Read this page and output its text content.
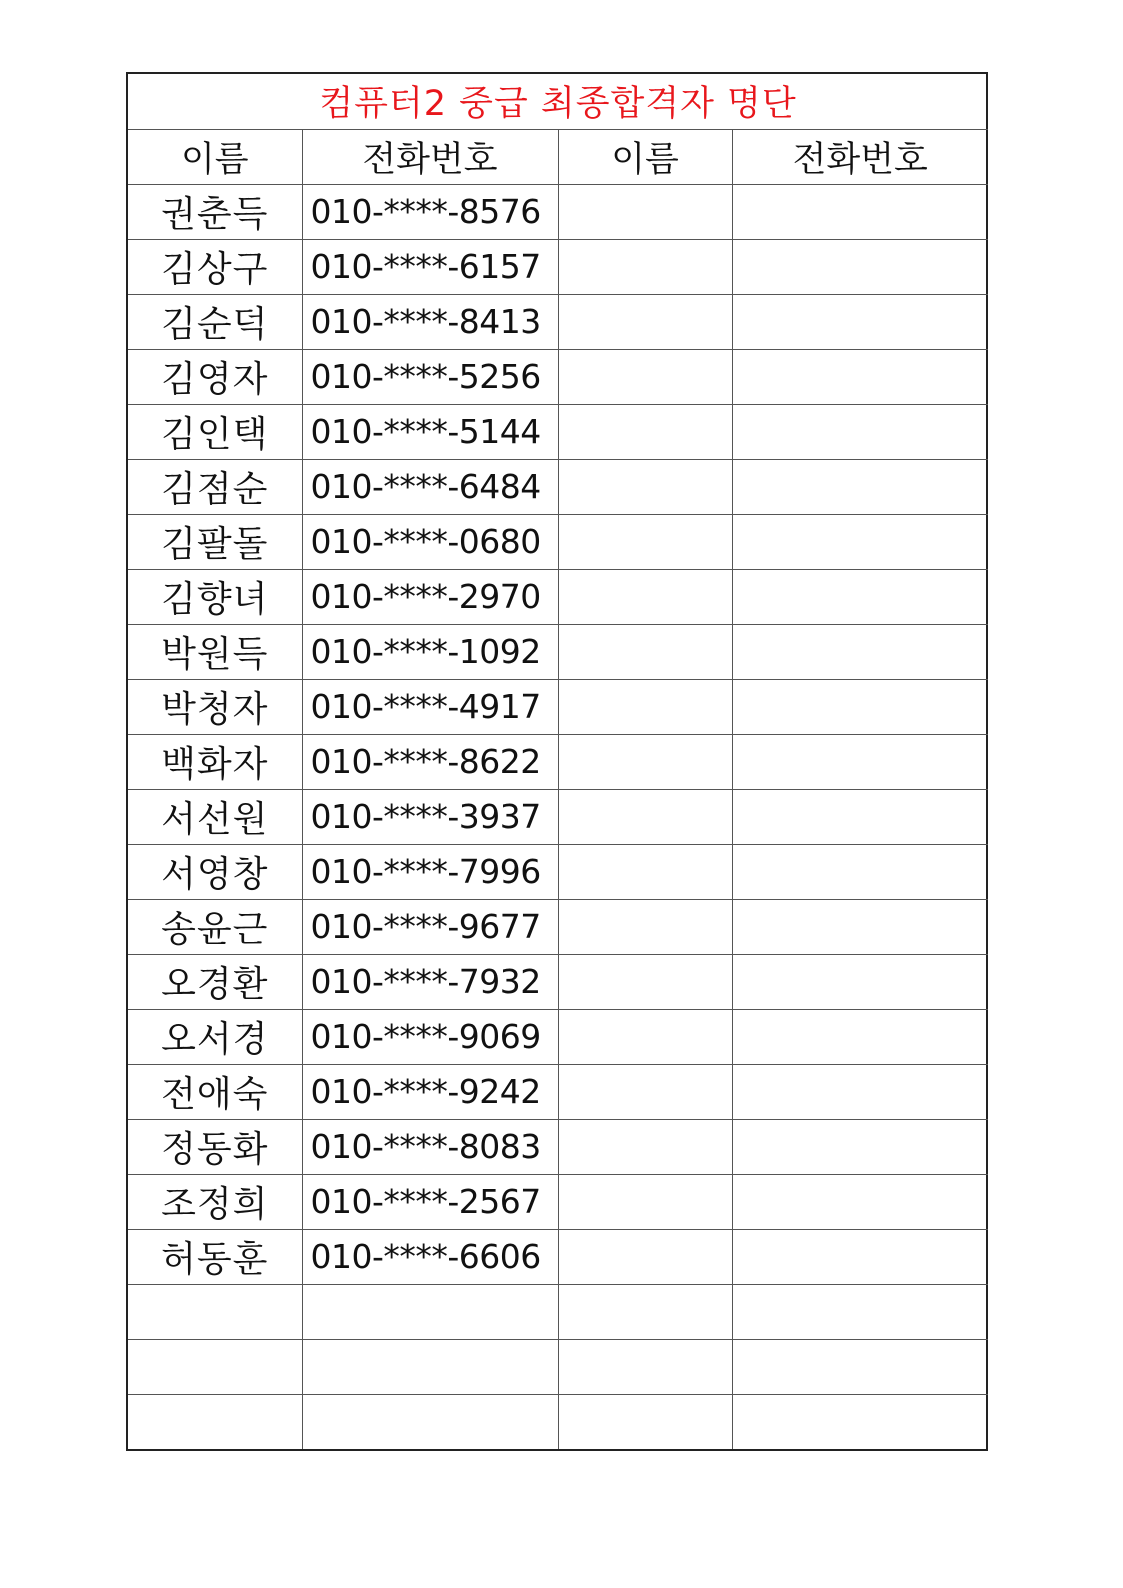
컴퓨터2 중급 최종합격자 명단			
이름	전화번호	이름	전화번호
권춘득	010-****-8576		
김상구	010-****-6157		
김순덕	010-****-8413		
김영자	010-****-5256		
김인택	010-****-5144		
김점순	010-****-6484		
김팔돌	010-****-0680		
김향녀	010-****-2970		
박원득	010-****-1092		
박청자	010-****-4917		
백화자	010-****-8622		
서선원	010-****-3937		
서영창	010-****-7996		
송윤근	010-****-9677		
오경환	010-****-7932		
오서경	010-****-9069		
전애숙	010-****-9242		
정동화	010-****-8083		
조정희	010-****-2567		
허동훈	010-****-6606		
